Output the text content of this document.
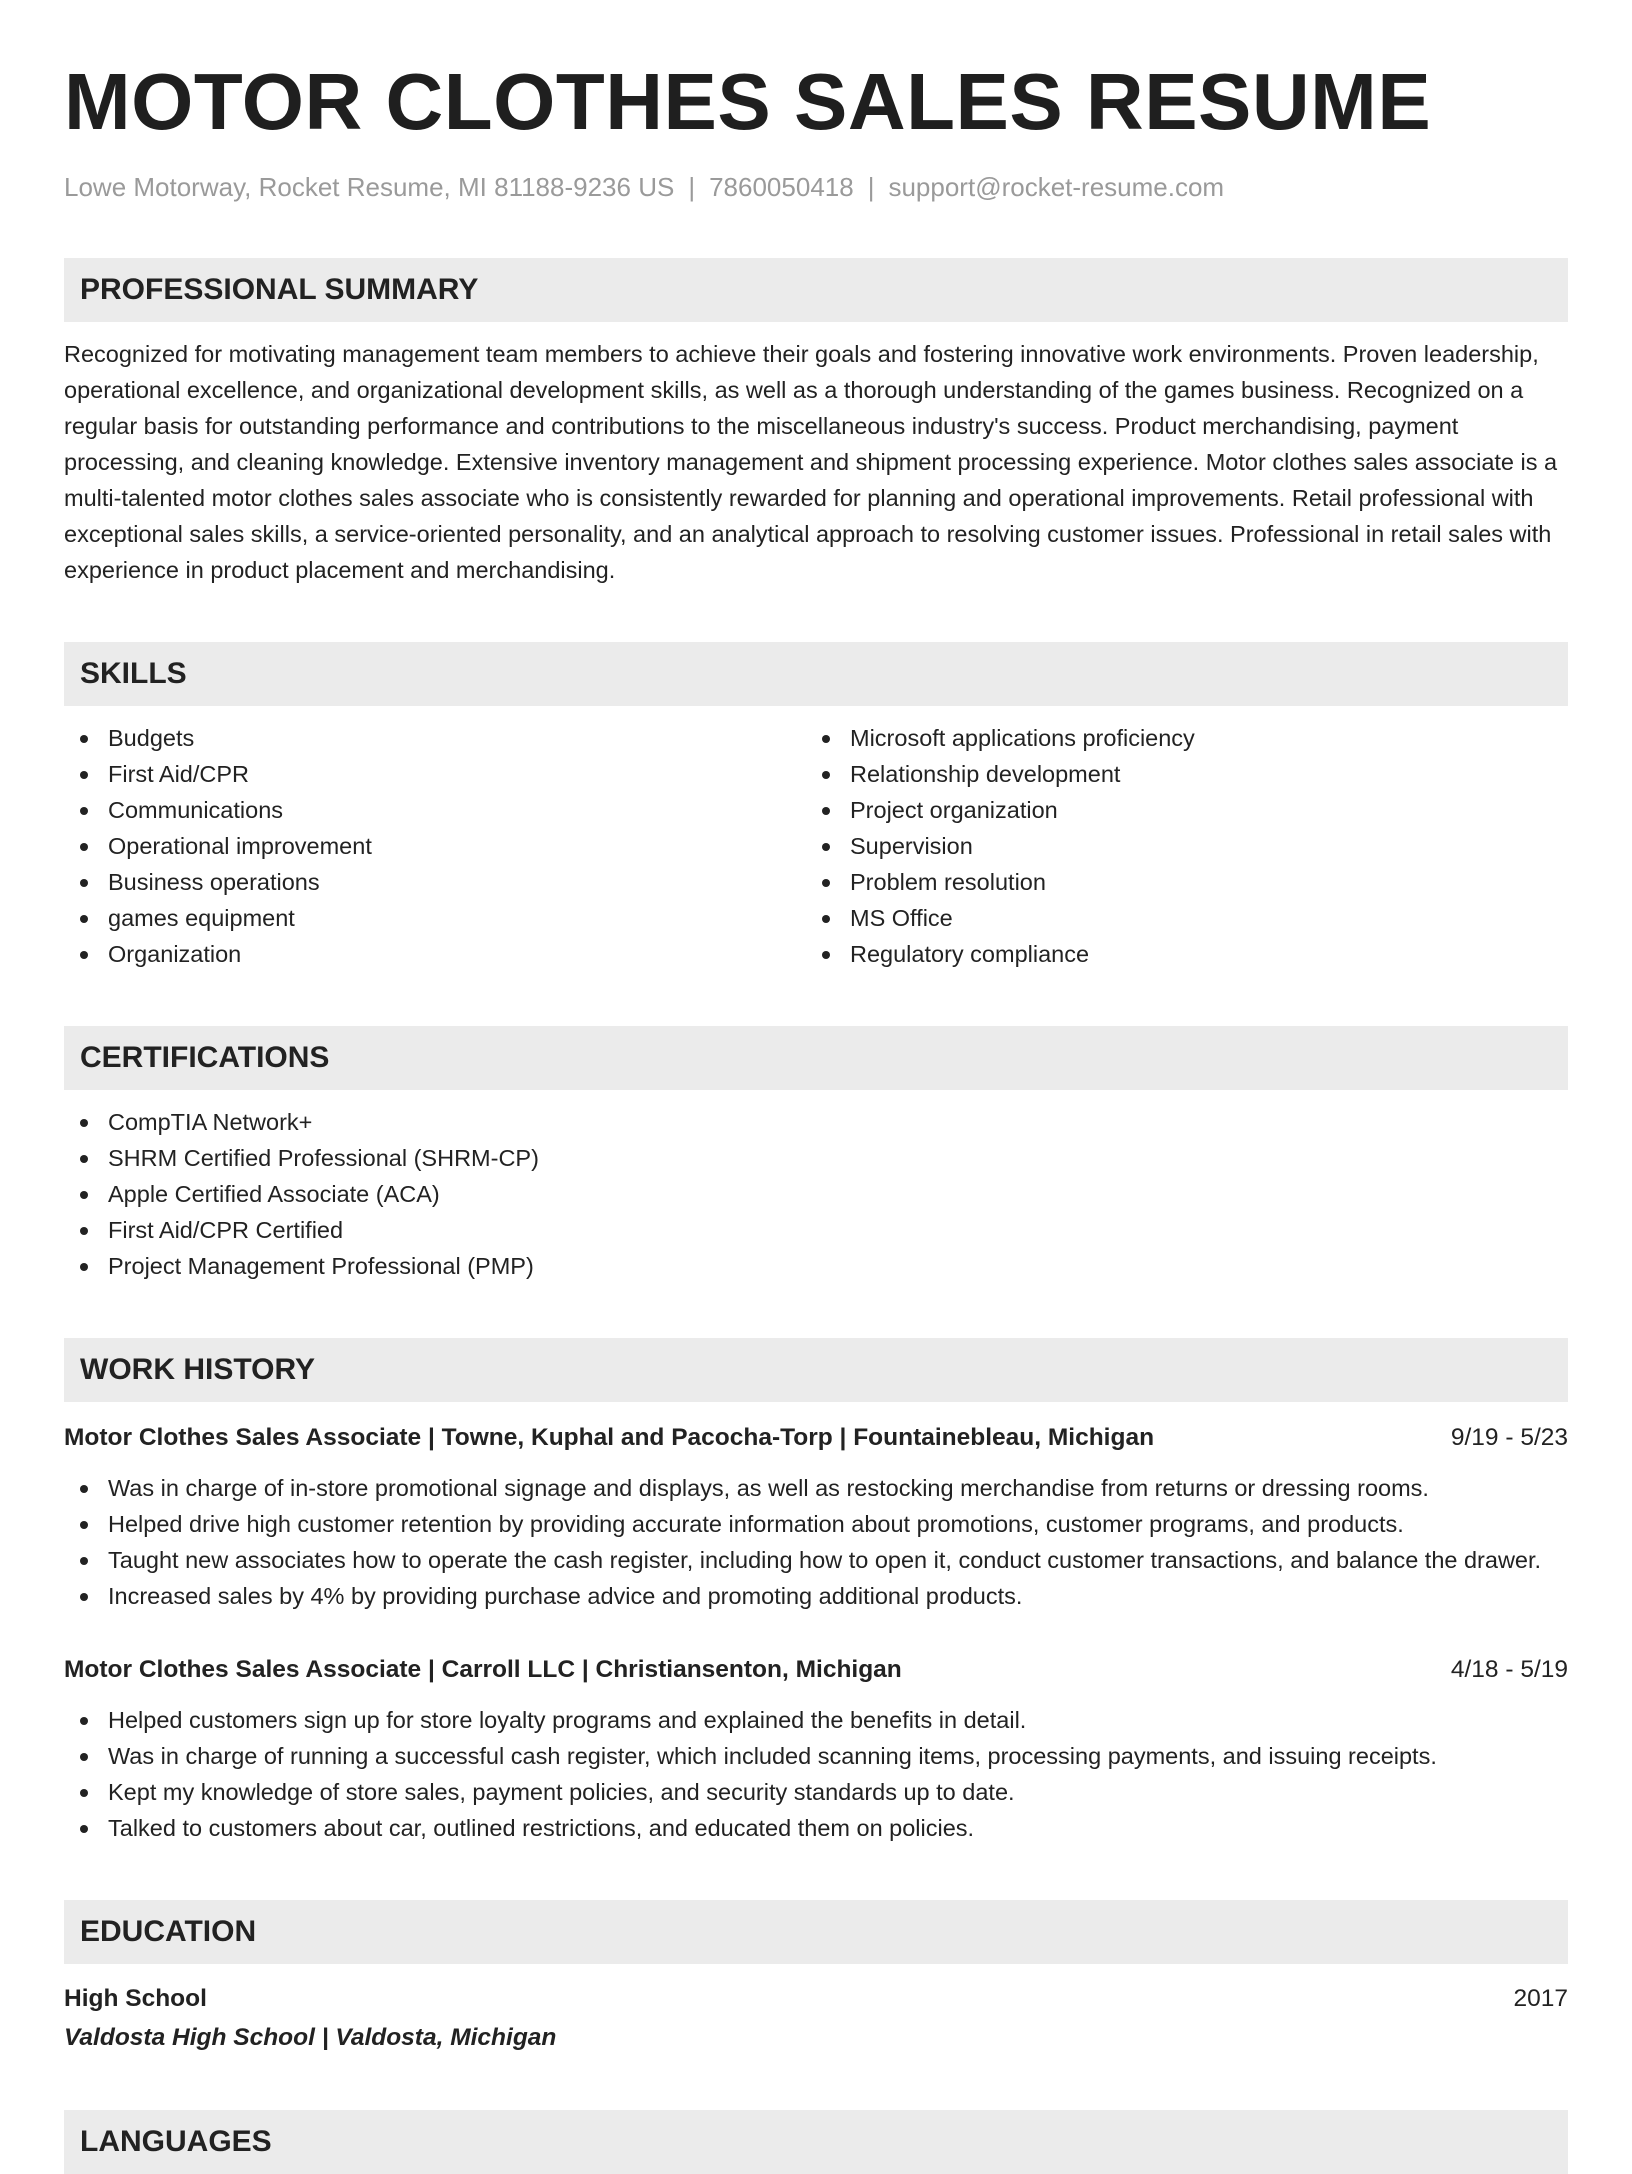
MOTOR CLOTHES SALES RESUME
Lowe Motorway, Rocket Resume, MI 81188-9236 US | 7860050418 | support@rocket-resume.com
PROFESSIONAL SUMMARY
Recognized for motivating management team members to achieve their goals and fostering innovative work environments. Proven leadership, operational excellence, and organizational development skills, as well as a thorough understanding of the games business. Recognized on a regular basis for outstanding performance and contributions to the miscellaneous industry's success. Product merchandising, payment processing, and cleaning knowledge. Extensive inventory management and shipment processing experience. Motor clothes sales associate is a multi-talented motor clothes sales associate who is consistently rewarded for planning and operational improvements. Retail professional with exceptional sales skills, a service-oriented personality, and an analytical approach to resolving customer issues. Professional in retail sales with experience in product placement and merchandising.
SKILLS
Budgets
First Aid/CPR
Communications
Operational improvement
Business operations
games equipment
Organization
Microsoft applications proficiency
Relationship development
Project organization
Supervision
Problem resolution
MS Office
Regulatory compliance
CERTIFICATIONS
CompTIA Network+
SHRM Certified Professional (SHRM-CP)
Apple Certified Associate (ACA)
First Aid/CPR Certified
Project Management Professional (PMP)
WORK HISTORY
Motor Clothes Sales Associate | Towne, Kuphal and Pacocha-Torp | Fountainebleau, Michigan	9/19 - 5/23
Was in charge of in-store promotional signage and displays, as well as restocking merchandise from returns or dressing rooms.
Helped drive high customer retention by providing accurate information about promotions, customer programs, and products.
Taught new associates how to operate the cash register, including how to open it, conduct customer transactions, and balance the drawer.
Increased sales by 4% by providing purchase advice and promoting additional products.
Motor Clothes Sales Associate | Carroll LLC | Christiansenton, Michigan	4/18 - 5/19
Helped customers sign up for store loyalty programs and explained the benefits in detail.
Was in charge of running a successful cash register, which included scanning items, processing payments, and issuing receipts.
Kept my knowledge of store sales, payment policies, and security standards up to date.
Talked to customers about car, outlined restrictions, and educated them on policies.
EDUCATION
High School	2017
Valdosta High School | Valdosta, Michigan
LANGUAGES
